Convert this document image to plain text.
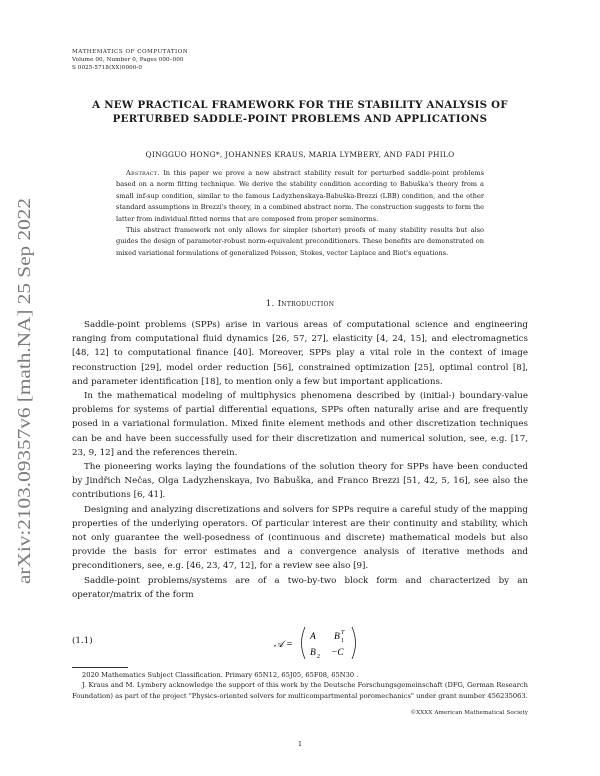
MATHEMATICS OF COMPUTATION
Volume 00, Number 0, Pages 000–000
S 0025-5718(XX)0000-0
A NEW PRACTICAL FRAMEWORK FOR THE STABILITY ANALYSIS OF
PERTURBED SADDLE-POINT PROBLEMS AND APPLICATIONS
QINGGUO HONG*, JOHANNES KRAUS, MARIA LYMBERY, AND FADI PHILO

Abstract. In this paper we prove a new abstract stability result for perturbed saddle-point problems based on a norm fitting technique. We derive the stability condition according to Babuška's theory from a small inf-sup condition, similar to the famous Ladyzhenskaya-Babuška-Brezzi (LBB) condition, and the other standard assumptions in Brezzi's theory, in a combined abstract norm. The construction suggests to form the latter from individual fitted norms that are composed from proper seminorms.

This abstract framework not only allows for simpler (shorter) proofs of many stability results but also guides the design of parameter-robust norm-equivalent preconditioners. These benefits are demonstrated on mixed variational formulations of generalized Poisson, Stokes, vector Laplace and Biot's equations.

arXiv:2103.09357v6 [math.NA] 25 Sep 2022	1. Introduction

Saddle-point problems (SPPs) arise in various areas of computational science and engineering ranging from computational fluid dynamics [26, 57, 27], elasticity [4, 24, 15], and electromagnetics [48, 12] to computational finance [40]. Moreover, SPPs play a vital role in the context of image reconstruction [29], model order reduction [56], constrained optimization [25], optimal control [8], and parameter identification [18], to mention only a few but important applications.

In the mathematical modeling of multiphysics phenomena described by (initial-) boundary-value problems for systems of partial differential equations, SPPs often naturally arise and are frequently posed in a variational formulation. Mixed finite element methods and other discretization techniques can be and have been successfully used for their discretization and numerical solution, see, e.g. [17, 23, 9, 12] and the references therein.

The pioneering works laying the foundations of the solution theory for SPPs have been conducted by Jindřich Nečas, Olga Ladyzhenskaya, Ivo Babuška, and Franco Brezzi [51, 42, 5, 16], see also the contributions [6, 41].

Designing and analyzing discretizations and solvers for SPPs require a careful study of the mapping properties of the underlying operators. Of particular interest are their continuity and stability, which not only guarantee the well-posedness of (continuous and discrete) mathematical models but also provide the basis for error estimates and a convergence analysis of iterative methods and preconditioners, see, e.g. [46, 23, 47, 12], for a review see also [9].

Saddle-point problems/systems are of a two-by-two block form and characterized by an operator/matrix of the form

(1.1)	𝒜 =
A B T
1
B 2 −C

2020 Mathematics Subject Classification. Primary 65N12, 65J05, 65F08, 65N30 .

J. Kraus and M. Lymbery acknowledge the support of this work by the Deutsche Forschungsgemeinschaft (DFG, German Research Foundation) as part of the project "Physics-oriented solvers for multicompartmental poromechanics" under grant number 456235063.

©XXXX American Mathematical Society
1
